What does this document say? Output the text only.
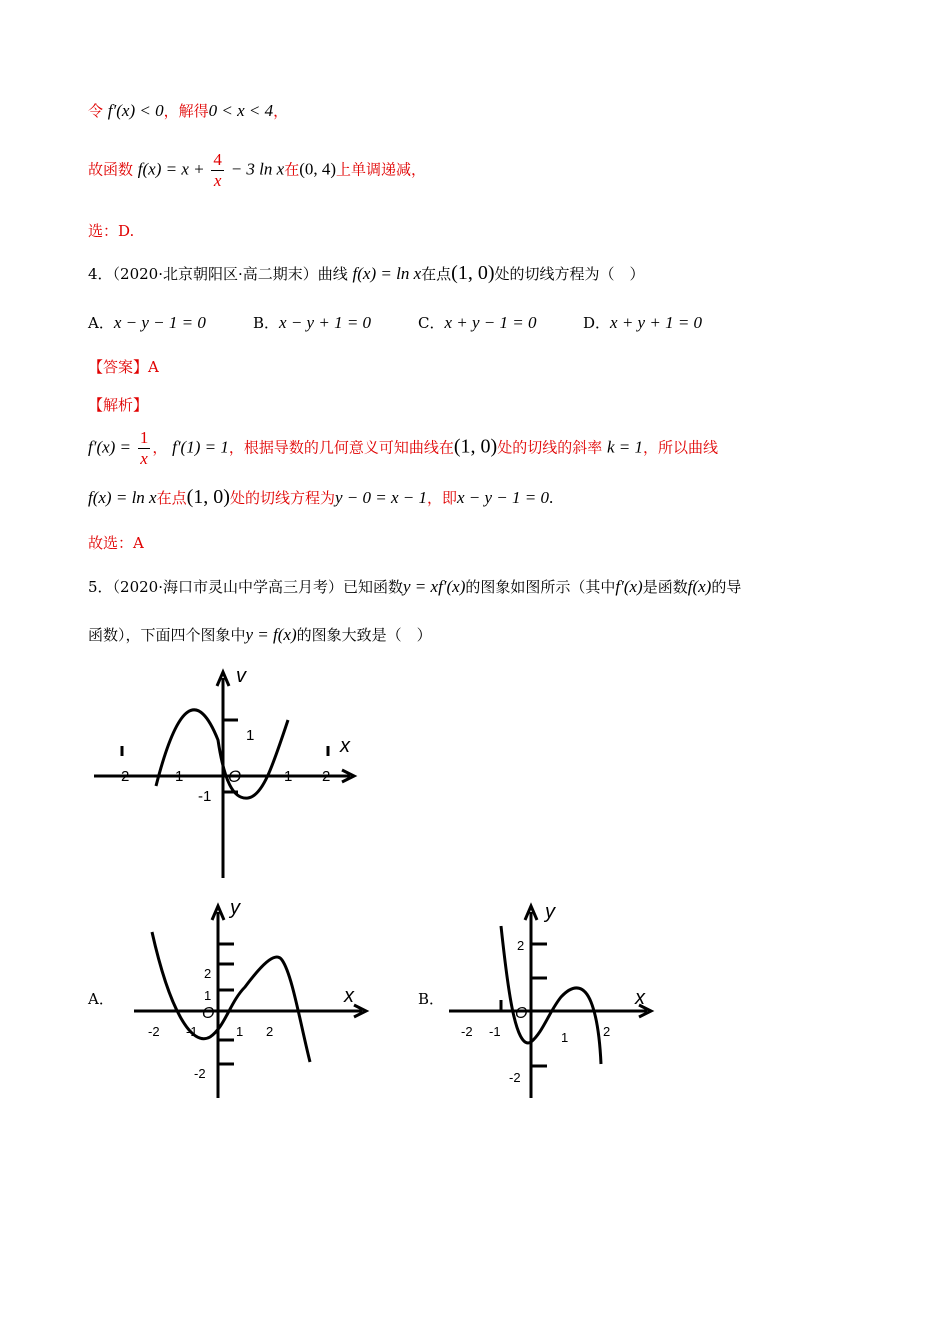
令 f′(x) < 0，解得0 < x < 4，
故函数 $f(x) = x + \frac{4}{x} - 3$ ln x在(0, 4)上单调递减，
选：D.
4．（2020·北京朝阳区·高二期末）曲线 f(x) = ln x在点(1, 0)处的切线方程为（　）
A．x − y − 1 = 0	B．x − y + 1 = 0	C．x + y − 1 = 0	D．x + y + 1 = 0
【答案】A
【解析】
$f'(x) = \frac{1}{x}$ ， f′(1) = 1，根据导数的几何意义可知曲线在(1, 0)处的切线的斜率 k = 1，所以曲线
f(x) = ln x在点(1, 0)处的切线方程为y − 0 = x − 1，即x − y − 1 = 0.
故选：A
5．（2020·海口市灵山中学高三月考）已知函数y = xf′(x)的图象如图所示（其中f′(x)是函数f(x)的导
函数），下面四个图象中y = f(x)的图象大致是（　）
v
x
O
-2	-1	1 2
1
-1
A．
y
x
O
-2 -1	1 2
1
2
-2
B．
y
x
O
-2 -1	1	2
2
-2
